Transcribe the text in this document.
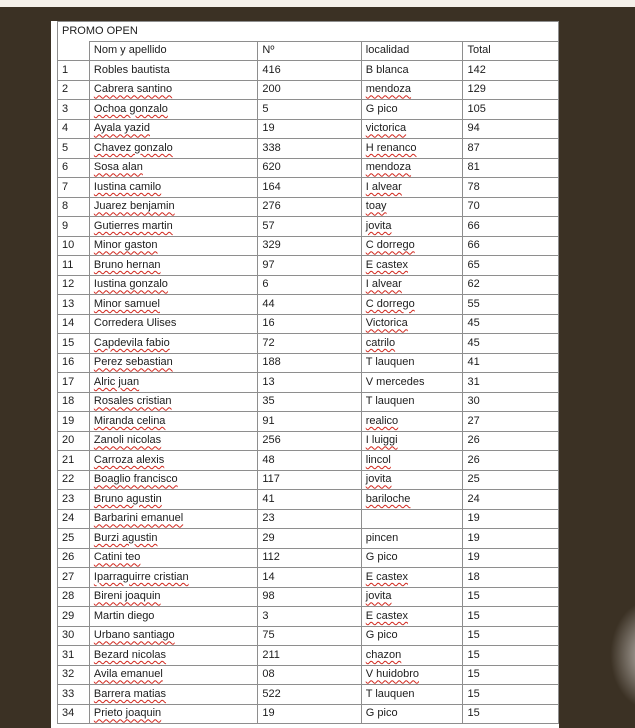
PROMO OPEN				
	Nom y apellido	Nº	localidad	Total
1	Robles bautista	416	B blanca	142
2	Cabrera santino	200	mendoza	129
3	Ochoa gonzalo	5	G pico	105
4	Ayala yazid	19	victorica	94
5	Chavez gonzalo	338	H renanco	87
6	Sosa alan	620	mendoza	81
7	Iustina camilo	164	I alvear	78
8	Juarez benjamin	276	toay	70
9	Gutierres martin	57	jovita	66
10	Minor gaston	329	C dorrego	66
11	Bruno hernan	97	E castex	65
12	Iustina gonzalo	6	I alvear	62
13	Minor samuel	44	C dorrego	55
14	Corredera Ulises	16	Victorica	45
15	Capdevila fabio	72	catrilo	45
16	Perez sebastian	188	T lauquen	41
17	Alric juan	13	V mercedes	31
18	Rosales cristian	35	T lauquen	30
19	Miranda celina	91	realico	27
20	Zanoli nicolas	256	I luiggi	26
21	Carroza alexis	48	lincol	26
22	Boaglio francisco	117	jovita	25
23	Bruno agustin	41	bariloche	24
24	Barbarini emanuel	23		19
25	Burzi agustin	29	pincen	19
26	Catini teo	112	G pico	19
27	Iparraguirre cristian	14	E castex	18
28	Bireni joaquin	98	jovita	15
29	Martin diego	3	E castex	15
30	Urbano santiago	75	G pico	15
31	Bezard nicolas	211	chazon	15
32	Avila emanuel	08	V huidobro	15
33	Barrera matias	522	T lauquen	15
34	Prieto joaquin	19	G pico	15
